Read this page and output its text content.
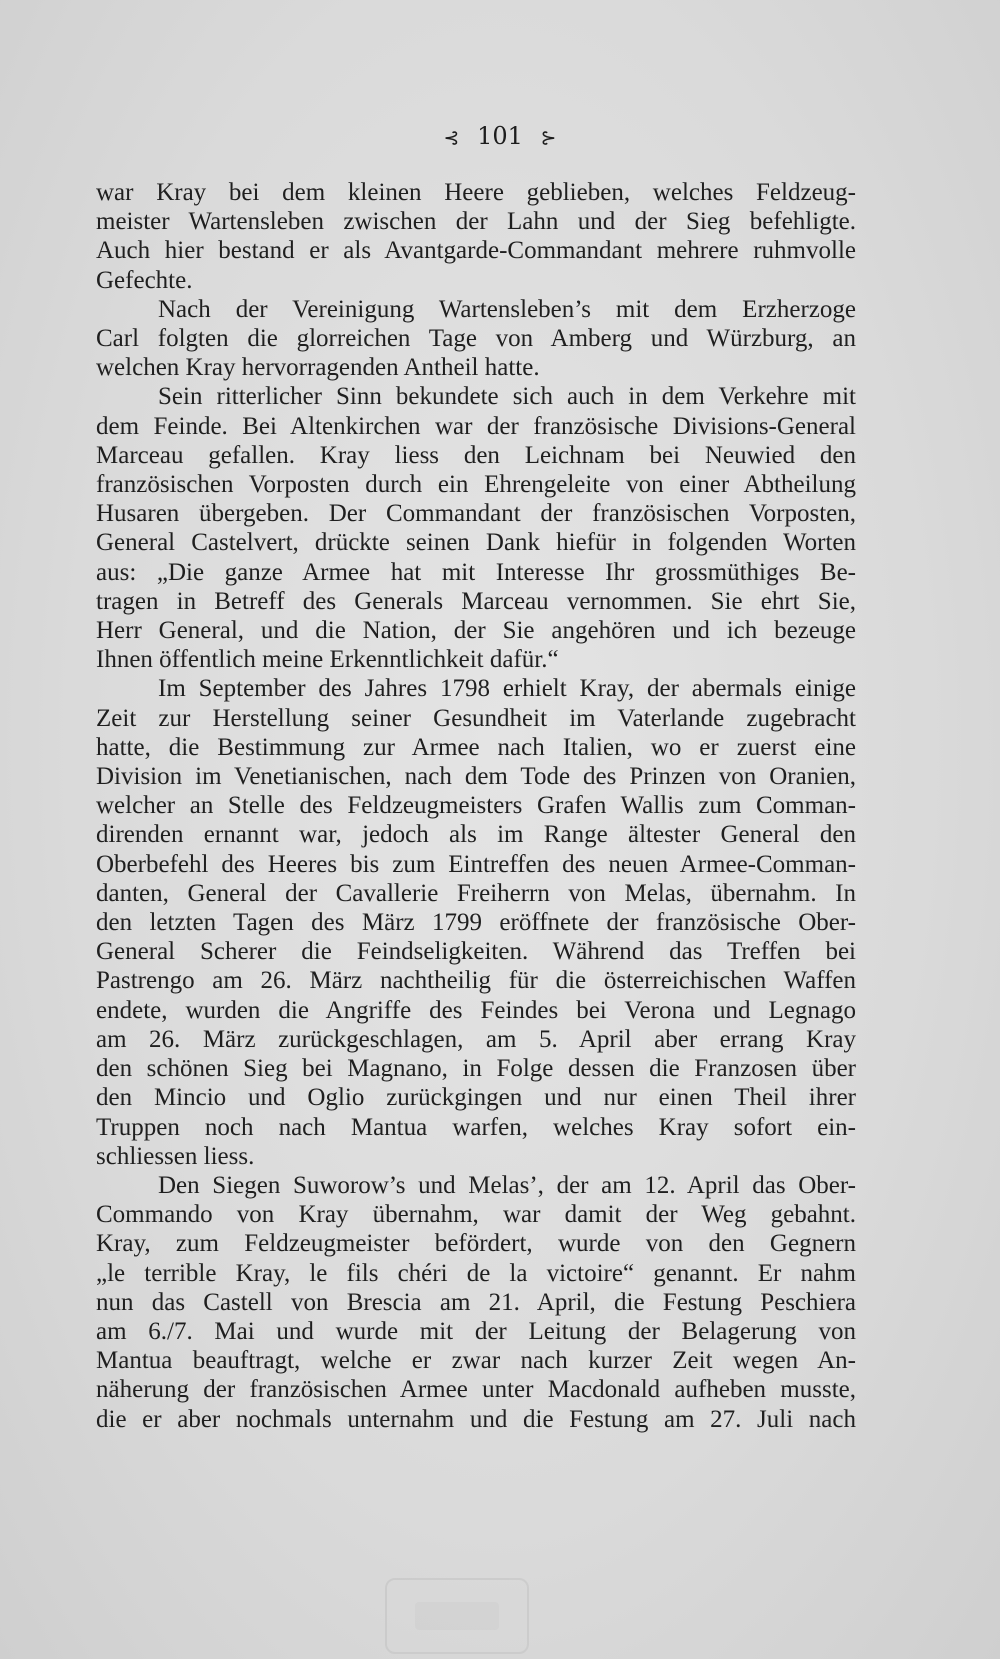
⊰ 101 ⊱

war Kray bei dem kleinen Heere geblieben, welches Feldzeug-

meister Wartensleben zwischen der Lahn und der Sieg befehligte.

Auch hier bestand er als Avantgarde-Commandant mehrere ruhmvolle

Gefechte.

Nach der Vereinigung Wartensleben’s mit dem Erzherzoge

Carl folgten die glorreichen Tage von Amberg und Würzburg, an

welchen Kray hervorragenden Antheil hatte.

Sein ritterlicher Sinn bekundete sich auch in dem Verkehre mit

dem Feinde. Bei Altenkirchen war der französische Divisions-General

Marceau gefallen. Kray liess den Leichnam bei Neuwied den

französischen Vorposten durch ein Ehrengeleite von einer Abtheilung

Husaren übergeben. Der Commandant der französischen Vorposten,

General Castelvert, drückte seinen Dank hiefür in folgenden Worten

aus: „Die ganze Armee hat mit Interesse Ihr grossmüthiges Be-

tragen in Betreff des Generals Marceau vernommen. Sie ehrt Sie,

Herr General, und die Nation, der Sie angehören und ich bezeuge

Ihnen öffentlich meine Erkenntlichkeit dafür.“

Im September des Jahres 1798 erhielt Kray, der abermals einige

Zeit zur Herstellung seiner Gesundheit im Vaterlande zugebracht

hatte, die Bestimmung zur Armee nach Italien, wo er zuerst eine

Division im Venetianischen, nach dem Tode des Prinzen von Oranien,

welcher an Stelle des Feldzeugmeisters Grafen Wallis zum Comman-

direnden ernannt war, jedoch als im Range ältester General den

Oberbefehl des Heeres bis zum Eintreffen des neuen Armee-Comman-

danten, General der Cavallerie Freiherrn von Melas, übernahm. In

den letzten Tagen des März 1799 eröffnete der französische Ober-

General Scherer die Feindseligkeiten. Während das Treffen bei

Pastrengo am 26. März nachtheilig für die österreichischen Waffen

endete, wurden die Angriffe des Feindes bei Verona und Legnago

am 26. März zurückgeschlagen, am 5. April aber errang Kray

den schönen Sieg bei Magnano, in Folge dessen die Franzosen über

den Mincio und Oglio zurückgingen und nur einen Theil ihrer

Truppen noch nach Mantua warfen, welches Kray sofort ein-

schliessen liess.

Den Siegen Suworow’s und Melas’, der am 12. April das Ober-

Commando von Kray übernahm, war damit der Weg gebahnt.

Kray, zum Feldzeugmeister befördert, wurde von den Gegnern

„le terrible Kray, le fils chéri de la victoire“ genannt. Er nahm

nun das Castell von Brescia am 21. April, die Festung Peschiera

am 6./7. Mai und wurde mit der Leitung der Belagerung von

Mantua beauftragt, welche er zwar nach kurzer Zeit wegen An-

näherung der französischen Armee unter Macdonald aufheben musste,

die er aber nochmals unternahm und die Festung am 27. Juli nach
